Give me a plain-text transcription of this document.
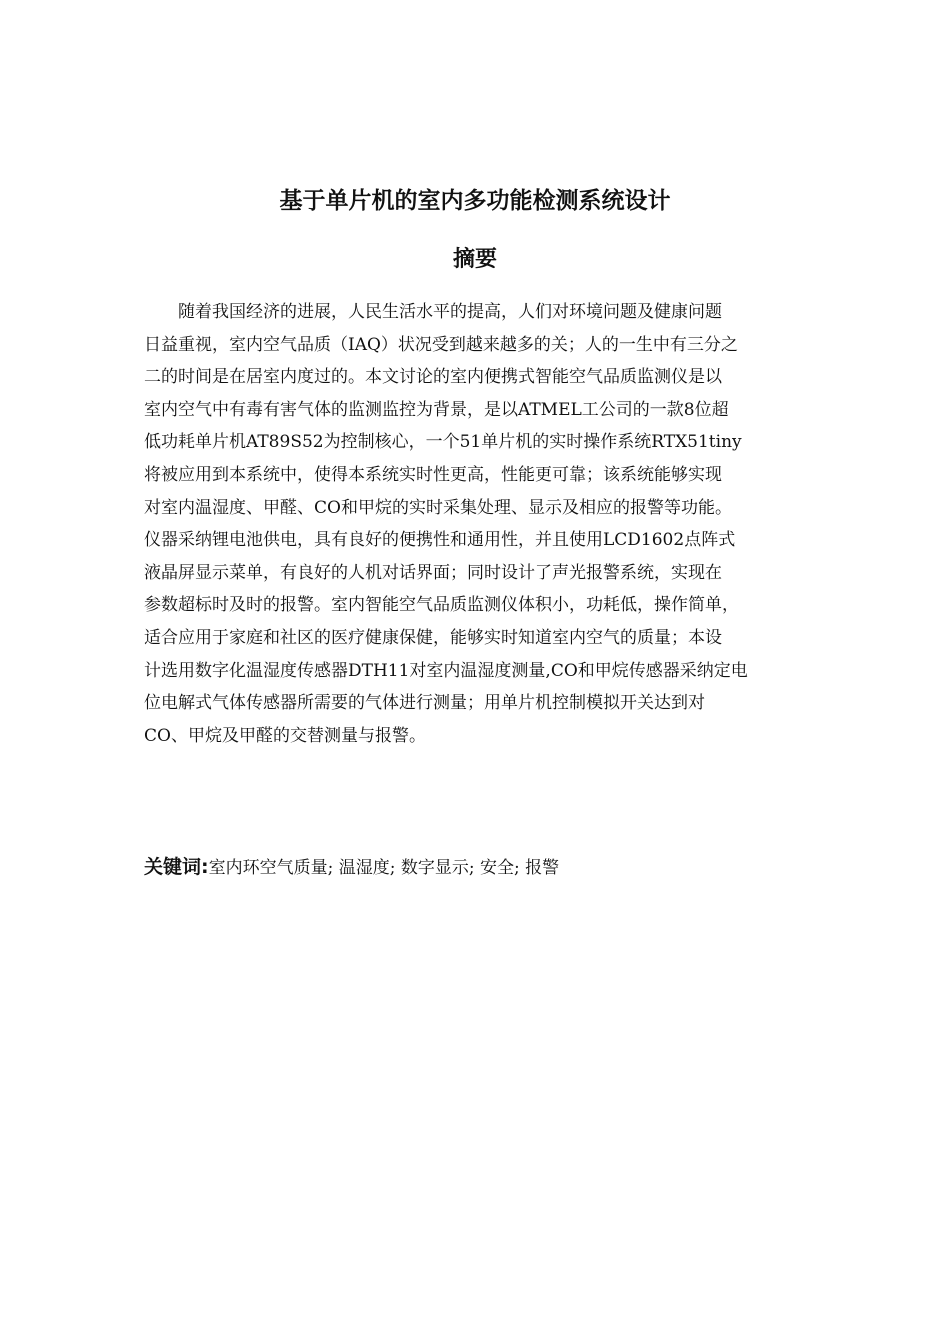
基于单片机的室内多功能检测系统设计
摘要
随着我国经济的进展，人民生活水平的提高，人们对环境问题及健康问题
日益重视，室内空气品质（IAQ）状况受到越来越多的关；人的一生中有三分之
二的时间是在居室内度过的。本文讨论的室内便携式智能空气品质监测仪是以
室内空气中有毒有害气体的监测监控为背景，是以ATMEL工公司的一款8位超
低功耗单片机AT89S52为控制核心，一个51单片机的实时操作系统RTX51tiny
将被应用到本系统中，使得本系统实时性更高，性能更可靠；该系统能够实现
对室内温湿度、甲醛、CO和甲烷的实时采集处理、显示及相应的报警等功能。
仪器采纳锂电池供电，具有良好的便携性和通用性，并且使用LCD1602点阵式
液晶屏显示菜单，有良好的人机对话界面；同时设计了声光报警系统，实现在
参数超标时及时的报警。室内智能空气品质监测仪体积小，功耗低，操作简单，
适合应用于家庭和社区的医疗健康保健，能够实时知道室内空气的质量；本设
计选用数字化温湿度传感器DTH11对室内温湿度测量,CO和甲烷传感器采纳定电
位电解式气体传感器所需要的气体进行测量；用单片机控制模拟开关达到对
CO、甲烷及甲醛的交替测量与报警。

关键词:室内环空气质量; 温湿度; 数字显示; 安全; 报警
